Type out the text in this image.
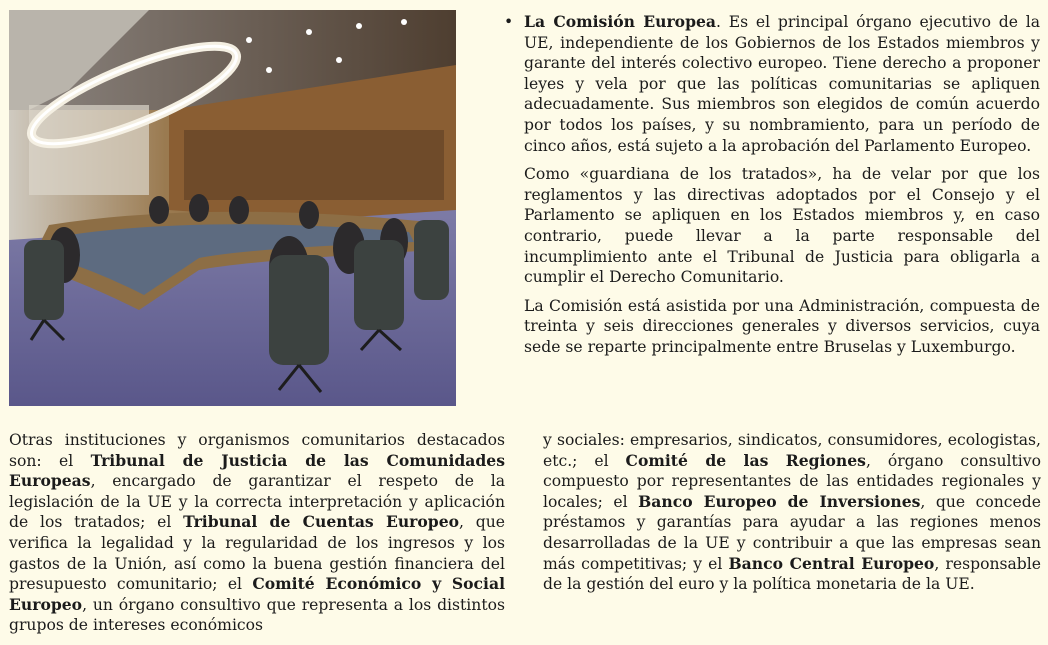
• La Comisión Europea. Es el principal órgano ejecutivo de la UE, independiente de los Gobiernos de los Estados miembros y garante del interés colectivo europeo. Tiene derecho a proponer leyes y vela por que las políticas comunitarias se apliquen adecuadamente. Sus miembros son elegidos de común acuerdo por todos los países, y su nombramiento, para un período de cinco años, está sujeto a la aprobación del Parlamento Europeo.

Como «guardiana de los tratados», ha de velar por que los reglamentos y las directivas adoptados por el Consejo y el Parlamento se apliquen en los Estados miembros y, en caso contrario, puede llevar a la parte responsable del incumplimiento ante el Tribunal de Justicia para obligarla a cumplir el Derecho Comunitario.

La Comisión está asistida por una Administración, compuesta de treinta y seis direcciones generales y diversos servicios, cuya sede se reparte principalmente entre Bruselas y Luxemburgo.

Otras instituciones y organismos comunitarios destacados son: el Tribunal de Justicia de las Comunidades Europeas, encargado de garantizar el respeto de la legislación de la UE y la correcta interpretación y aplicación de los tratados; el Tribunal de Cuentas Europeo, que verifica la legalidad y la regularidad de los ingresos y los gastos de la Unión, así como la buena gestión financiera del presupuesto comunitario; el Comité Económico y Social Europeo, un órgano consultivo que representa a los distintos grupos de intereses económicos

y sociales: empresarios, sindicatos, consumidores, ecologistas, etc.; el Comité de las Regiones, órgano consultivo compuesto por representantes de las entidades regionales y locales; el Banco Europeo de Inversiones, que concede préstamos y garantías para ayudar a las regiones menos desarrolladas de la UE y contribuir a que las empresas sean más competitivas; y el Banco Central Europeo, responsable de la gestión del euro y la política monetaria de la UE.
